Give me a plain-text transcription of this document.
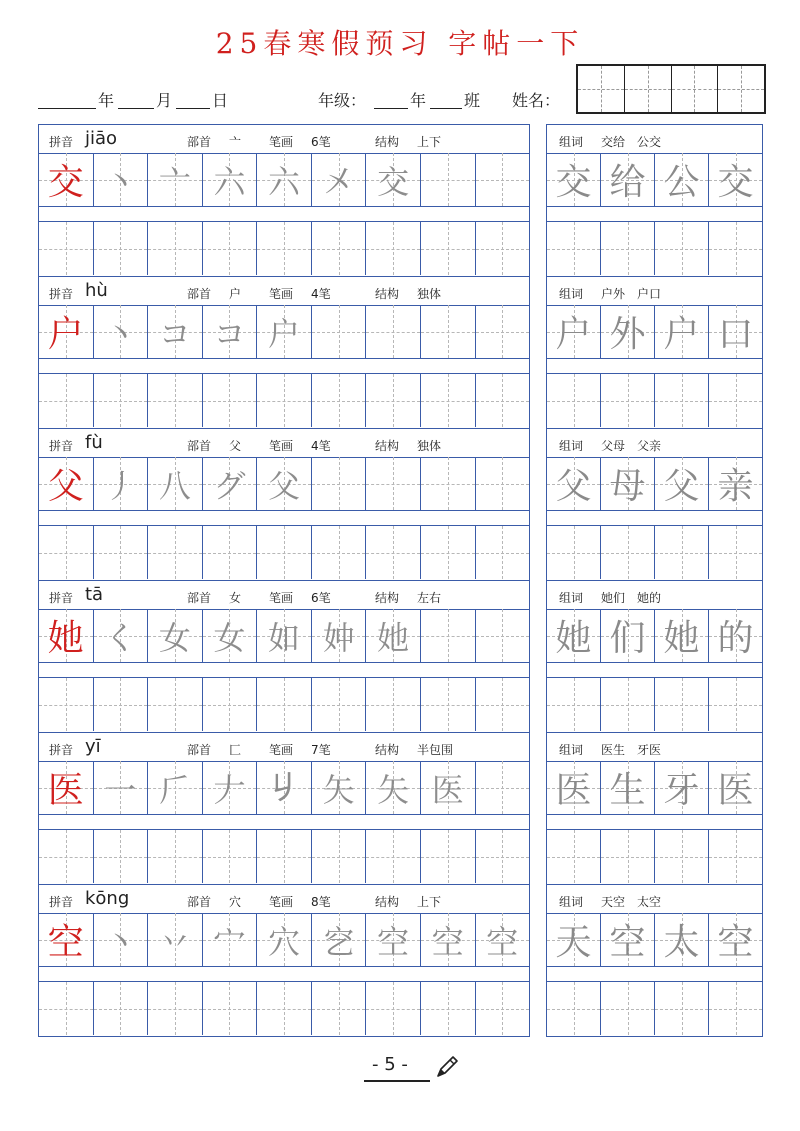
25春寒假预习 字帖一下
年	月 日	年级：	年 班 姓名：
拼音 jiāo	部首 亠 笔画 6笔	结构 上下
交 丶 亠 六 六 㐅 交
组词 交给　公交
交 给 公 交
拼音 hù	部首 户 笔画 4笔	结构 独体
户 丶 コ コ 户
组词 户外　户口
户 外 户 口
拼音 fù	部首 父 笔画 4笔	结构 独体
父 丿 八 グ 父
组词 父母　父亲
父 母 父 亲
拼音 tā	部首 女 笔画 6笔	结构 左右
她 く 女 女 如 妕 她
组词 她们　她的
她 们 她 的
拼音 yī	部首 匚 笔画 7笔	结构 半包围
医 一 𠂆 𠂇 𠂈 矢 矢 医
组词 医生　牙医
医 生 牙 医
拼音 kōng	部首 穴 笔画 8笔	结构 上下
空 丶 丷 宀 穴 穵 空 空 空
组词 天空　太空
天 空 太 空
- 5 -
